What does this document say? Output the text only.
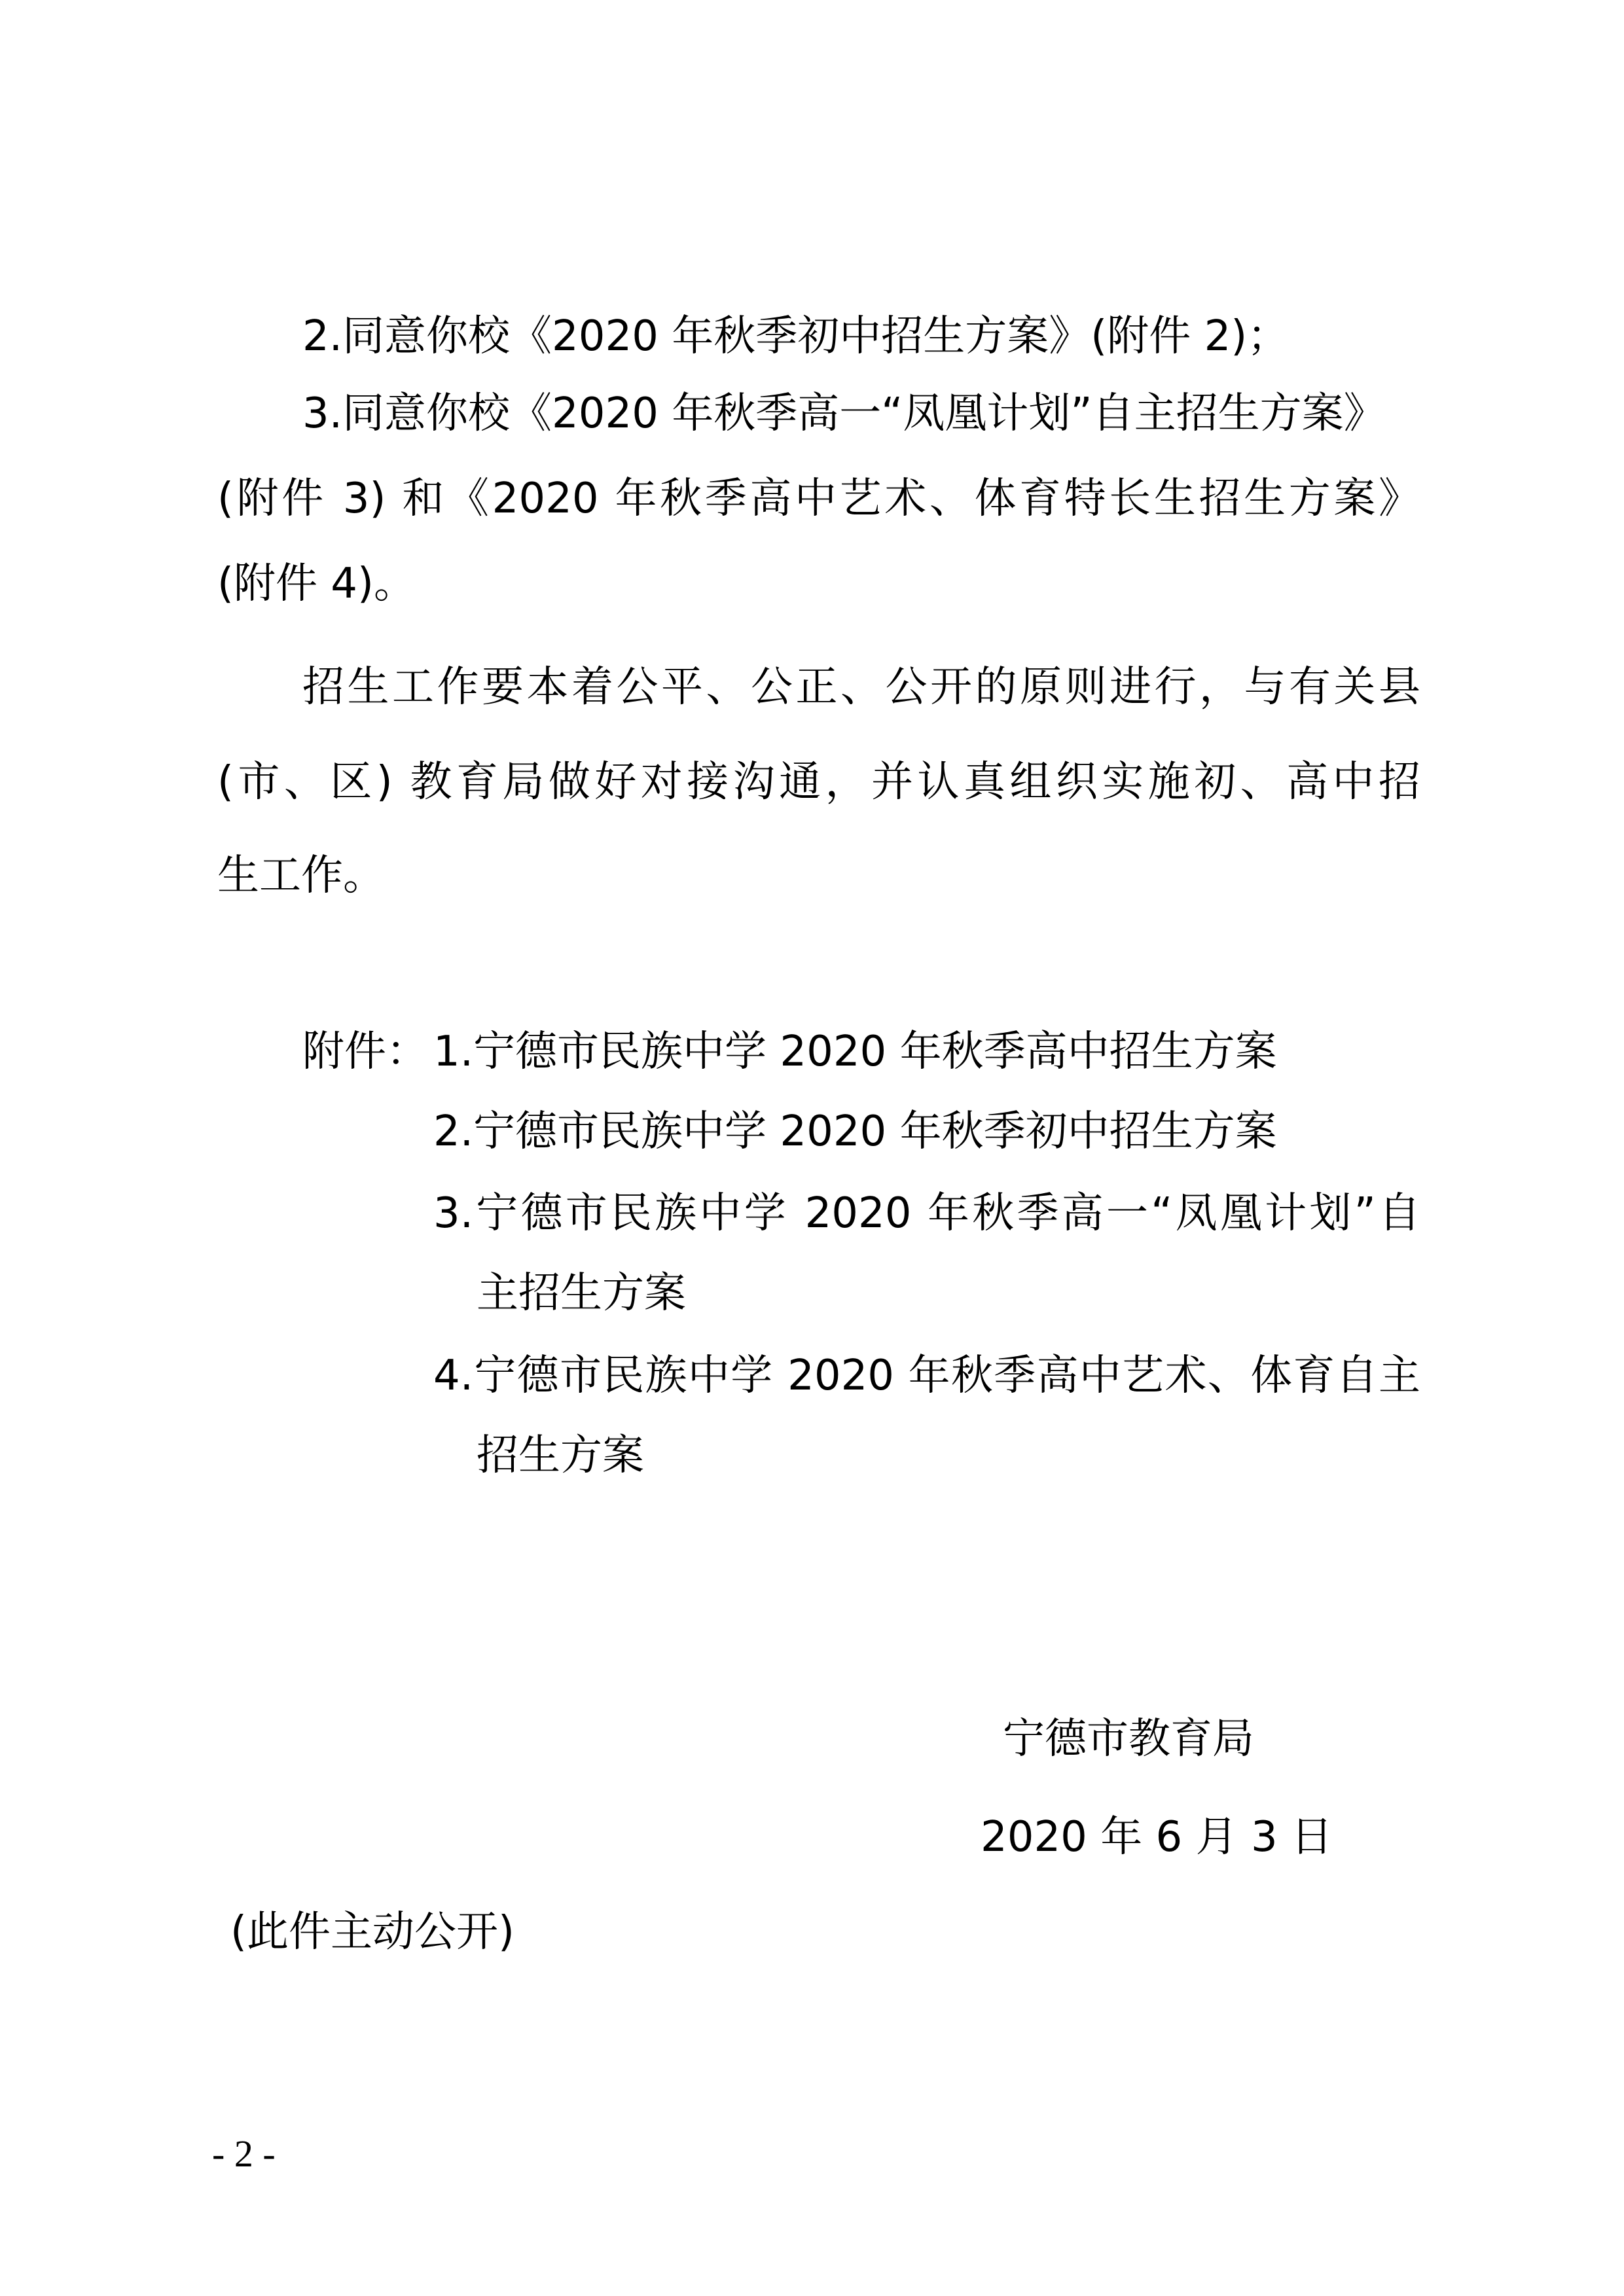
2.同意你校《2020 年秋季初中招生方案》(附件 2)；
3.同意你校《2020 年秋季高一“凤凰计划”自主招生方案》
(附件 3) 和《2020 年秋季高中艺术、体育特长生招生方案》
(附件 4)。
招生工作要本着公平、公正、公开的原则进行，与有关县
(市、区) 教育局做好对接沟通，并认真组织实施初、高中招
生工作。
附件： 1.宁德市民族中学 2020 年秋季高中招生方案
2.宁德市民族中学 2020 年秋季初中招生方案
3.宁德市民族中学 2020 年秋季高一“凤凰计划”自
主招生方案
4.宁德市民族中学 2020 年秋季高中艺术、体育自主
招生方案
宁德市教育局
2020 年 6 月 3 日
(此件主动公开)
- 2 -
